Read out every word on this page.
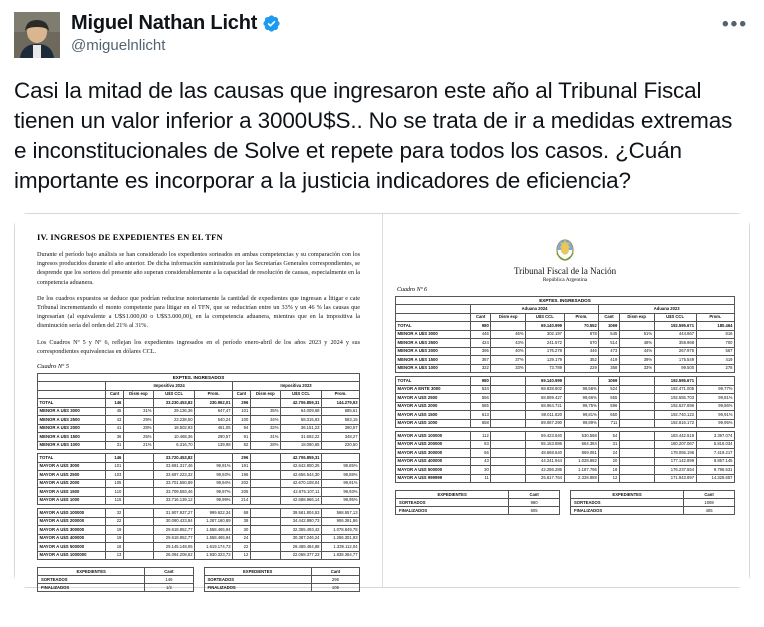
Miguel Nathan Licht
@miguelnlicht
•••
Casi la mitad de las causas que ingresaron este año al Tribunal Fiscal tienen un valor inferior a 3000U$S.. No se trata de ir a medidas extremas e inconstitucionales de Solve et repete para todos los casos. ¿Cuán importante es incorporar a la justicia indicadores de eficiencia?
IV. INGRESOS DE EXPEDIENTES EN EL TFN
Durante el período bajo análisis se han considerado los expedientes sorteados en ambas competencias y su comparación con los ingresos producidos durante el año anterior. De dicha información suministrada por las Secretarías Generales correspondientes, se desprende que los sorteos del presente año superan considerablemente a la capacidad de resolución de causas, especialmente en la competencia aduanera.
De los cuadros expuestos se deduce que podrían reducirse notoriamente la cantidad de expedientes que ingresan a litigar e cate Tribunal incrementando el monto competente para litigar en el TFN, que se reducirían entre un 33% y un 46 % las causas que ingresarían (al equivalente a U$S1.000,00 o U$S3.000,00), en la competencia aduanera, mientras que en la impositiva la disminución sería del orden del 21% al 31%.
Los Cuadros Nº 5 y Nº 6, reflejan los expedientes ingresados en el período enero-abril de los años 2023 y 2024 y sus correspondientes equivalencias en dólares CCL.
Cuadro Nº 5
EXPTES. INGRESADOS
	Impositiva 2024				Impositiva 2023			
	Cant	Dism exp	U$S CCL	Prom.	Cant	Dism exp	U$S CCL	Prom.
TOTAL	146		33.230.453,82	230.962,01	296		42.706.859,31	144.279,93
MENOR A U$S 3000	45	31%	29.136,36	647,47	101	35%	64.009,68	685,61
MENOR A U$S 2500	43	29%	23.238,50	540,24	100	34%	58.315,83	583,15
MENOR A U$S 2000	41	28%	18.502,93	461,05	94	32%	36.151,23	390,57
MENOR A U$S 1500	36	25%	10.468,36	290,57	91	31%	31.692,22	348,27
MENOR A U$S 1000	31	21%	6.316,70	139,98	82	28%	18.080,65	220,50

TOTAL	146		33.720.453,82		296		42.706.859,31	
MAYOR A U$S 3000	101		33.691.317,46	99,91%	191		42.642.800,25	99,85%
MAYOR A U$S 2500	103		33.697.223,32	99,93%	196		42.656.544,30	99,88%
MAYOR A U$S 2000	105		33.701.550,89	99,94%	202		42.670.108,04	99,91%
MAYOR A U$S 1500	110		33.709.593,46	99,97%	205		42.675.107,11	99,93%
MAYOR A U$S 1000	115		33.716.139,12	99,99%	214		42.688.966,14	99,95%

MAYOR A U$S 100000	32		31.907.937,27	999.622,34	68		39.561.804,53	568.557,13
MAYOR A U$S 200000	22		30.090.423,84	1.287.160,89	38		34.442.890,73	906.391,86
MAYOR A U$S 300000	19		29.618.852,77	1.558.465,94	30		32.355.493,42	1.078.849,78
MAYOR A U$S 400000	19		29.618.852,77	1.558.465,94	24		30.387.246,24	1.266.301,93
MAYOR A U$S 500000	18		29.145.148,05	1.619.174,73	22		29.488.484,88	1.339.112,04
MAYOR A U$S 1000000	13		26.094.208,62	1.930.323,73	12		22.068.377,23	1.838.364,77
EXPEDIENTES	Cant
SORTEADOS	146
FINALIZADOS	1/2
EXPEDIENTES	Cant
SORTEADOS	296
FINALIZADOS	105
Tribunal Fiscal de la Nación
República Argentina
Cuadro Nº 6
EXPTES. INGRESADOS
	Aduana 2024				Aduana 2023			
	Cant	Dism exp	U$S CCL	Prom.	Cant	Dism exp	U$S CCL	Prom.
TOTAL	980		69.140.999	70.552	1069		192.595.671	180.464
MENOR A U$S 3000	446	46%	302.197	678	545	51%	444.667	816
MENOR A U$S 2500	424	43%	241.572	570	514	48%	359.968	700
MENOR A U$S 2000	395	40%	176.278	446	473	44%	267.976	567
MENOR A U$S 1500	367	37%	129.179	352	419	39%	175.549	419
MENOR A U$S 1000	322	33%	73.789	229	358	33%	99.500	278

TOTAL	980		69.140.999		1069		192.595.671	
MAYOR A ENTE 3000	534		68.838.802	99,56%	524		192.471.005	99,77%
MAYOR A U$S 2500	556		68.899.427	99,66%	555		192.555.703	99,81%
MAYOR A U$S 2000	585		68.964.721	99,75%	596		192.627.696	99,86%
MAYOR A U$S 1500	613		69.011.820	99,81%	650		192.740.122	99,91%
MAYOR A U$S 1000	658		69.067.290	99,89%	711		192.816.172	99,95%

MAYOR A U$S 100000	112		59.423.640	530.568	54		183.442.619	3.397.074
MAYOR A U$S 200000	83		55.153.886	664.384	31		180.207.067	5.816.034
MAYOR A U$S 300000	56		48.668.540	869.081	24		178.055.196	7.419.217
MAYOR A U$S 400000	43		44.241.944	1.028.882	20		177.142.899	8.857.145
MAYOR A U$S 500000	30		42.286.286	1.187.796	18		176.237.554	9.796.531
MAYOR A U$S 999999	11		25.617.764	2.328.888	12		171.943.897	14.328.657
EXPEDIENTES	Cant
SORTEADOS	980
FINALIZADOS	605
EXPEDIENTES	Cant
SORTEADOS	1069
FINALIZADOS	405
